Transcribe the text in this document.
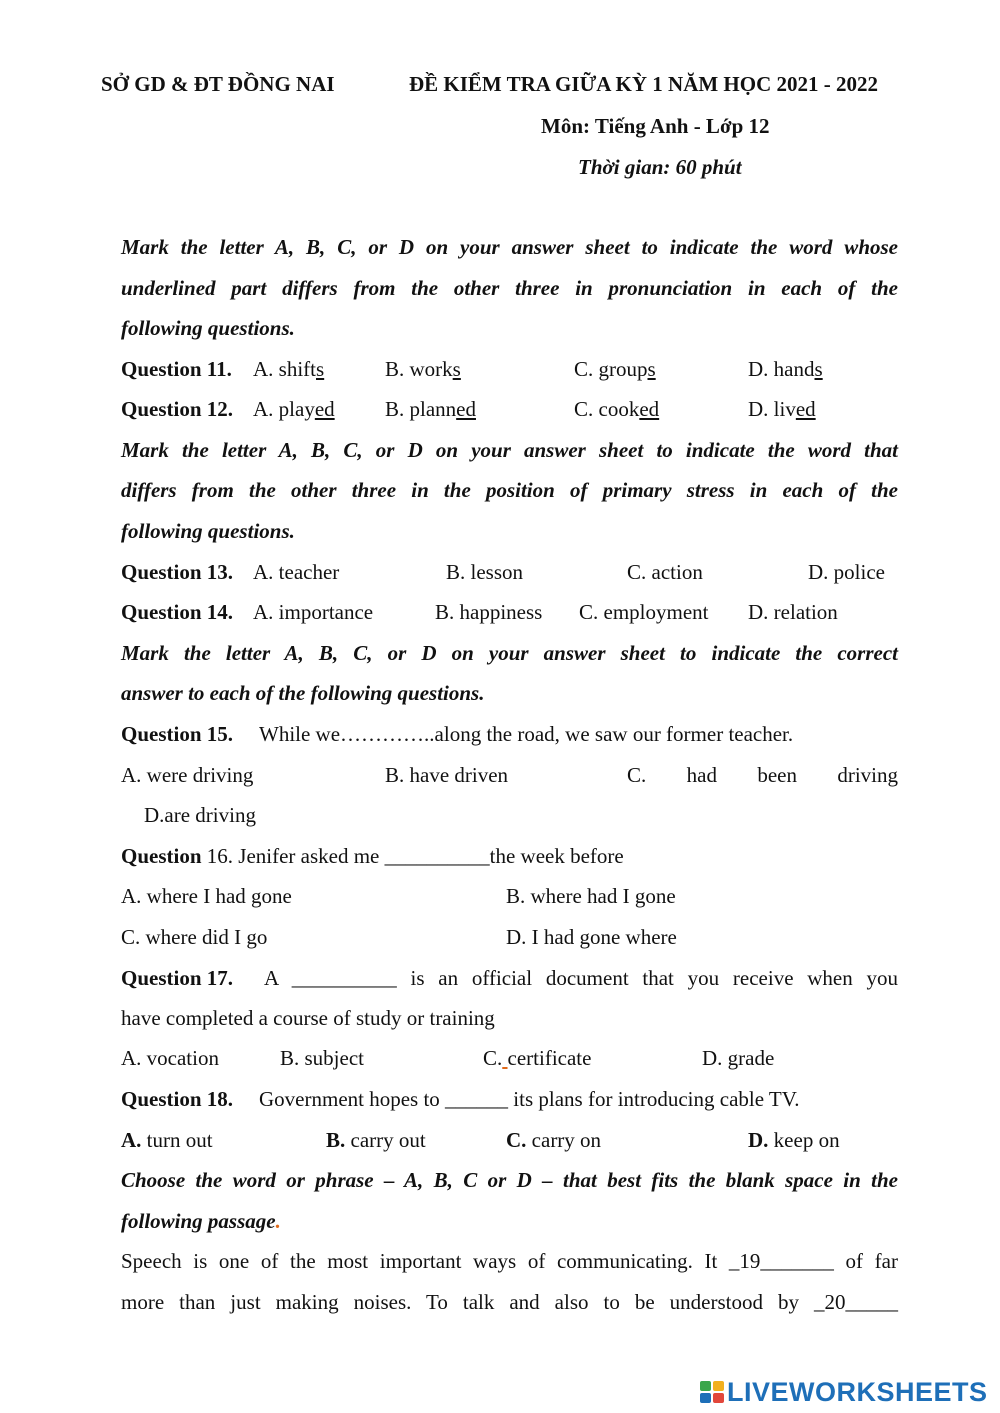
SỞ GD & ĐT ĐỒNG NAI	ĐỀ KIỂM TRA GIỮA KỲ 1 NĂM HỌC 2021 - 2022
Môn: Tiếng Anh - Lớp 12
Thời gian: 60 phút
Mark the letter A, B, C, or D on your answer sheet to indicate the word whose
underlined part differs from the other three in pronunciation in each of the
following questions.
Question 11. A. shifts	B. works	C. groups	D. hands
Question 12. A. played B. planned	C. cooked	D. lived
Mark the letter A, B, C, or D on your answer sheet to indicate the word that
differs from the other three in the position of primary stress in each of the
following questions.
Question 13. A. teacher	B. lesson	C. action	D. police
Question 14. A. importance	B. happiness C. employment D. relation
Mark the letter A, B, C, or D on your answer sheet to indicate the correct
answer to each of the following questions.
Question 15. While we…………..along the road, we saw our former teacher.
A. were driving	B. have driven	C. had been driving
D.are driving
Question 16. Jenifer asked me __________the week before
A. where I had gone	B. where had I gone
C. where did I go	D. I had gone where
Question 17. A __________ is an official document that you receive when you
have completed a course of study or training
A. vocation	B. subject	C. certificate	D. grade
Question 18. Government hopes to ______ its plans for introducing cable TV.
A. turn out	B. carry out	C. carry on	D. keep on
Choose the word or phrase – A, B, C or D – that best fits the blank space in the
following passage.
Speech is one of the most important ways of communicating. It _19_______ of far
more than just making noises. To talk and also to be understood by _20_____
LIVEWORKSHEETS
